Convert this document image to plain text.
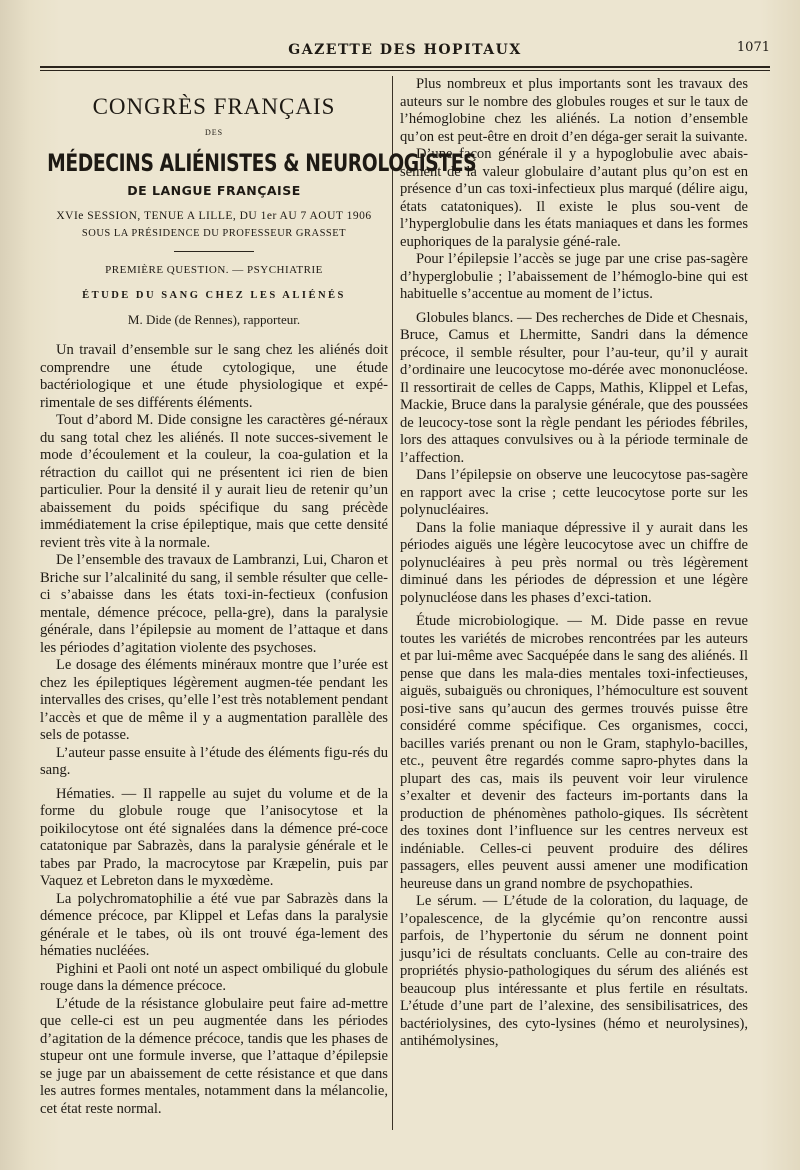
GAZETTE DES HOPITAUX	1071
CONGRÈS FRANÇAIS
DES
MÉDECINS ALIÉNISTES & NEUROLOGISTES
DE LANGUE FRANÇAISE
XVIe SESSION, TENUE A LILLE, DU 1er AU 7 AOUT 1906
SOUS LA PRÉSIDENCE DU PROFESSEUR GRASSET
PREMIÈRE QUESTION. — PSYCHIATRIE
ÉTUDE DU SANG CHEZ LES ALIÉNÉS
M. Dide (de Rennes), rapporteur.

Un travail d’ensemble sur le sang chez les aliénés doit comprendre une étude cytologique, une étude bactériologique et une étude physiologique et expé-rimentale de ses différents éléments.

Tout d’abord M. Dide consigne les caractères gé-néraux du sang total chez les aliénés. Il note succes-sivement le mode d’écoulement et la couleur, la coa-gulation et la rétraction du caillot qui ne présentent ici rien de bien particulier. Pour la densité il y aurait lieu de retenir qu’un abaissement du poids spécifique du sang précède immédiatement la crise épileptique, mais que cette densité revient très vite à la normale.

De l’ensemble des travaux de Lambranzi, Lui, Charon et Briche sur l’alcalinité du sang, il semble résulter que celle-ci s’abaisse dans les états toxi-in-fectieux (confusion mentale, démence précoce, pella-gre), dans la paralysie générale, dans l’épilepsie au moment de l’attaque et dans les périodes d’agitation violente des psychoses.

Le dosage des éléments minéraux montre que l’urée est chez les épileptiques légèrement augmen-tée pendant les intervalles des crises, qu’elle l’est très notablement pendant l’accès et que de même il y a augmentation parallèle des sels de potasse.

L’auteur passe ensuite à l’étude des éléments figu-rés du sang.

Hématies. — Il rappelle au sujet du volume et de la forme du globule rouge que l’anisocytose et la poikilocytose ont été signalées dans la démence pré-coce catatonique par Sabrazès, dans la paralysie générale et le tabes par Prado, la macrocytose par Kræpelin, puis par Vaquez et Lebreton dans le myxœdème.

La polychromatophilie a été vue par Sabrazès dans la démence précoce, par Klippel et Lefas dans la paralysie générale et le tabes, où ils ont trouvé éga-lement des hématies nucléées.

Pighini et Paoli ont noté un aspect ombiliqué du globule rouge dans la démence précoce.

L’étude de la résistance globulaire peut faire ad-mettre que celle-ci est un peu augmentée dans les périodes d’agitation de la démence précoce, tandis que les phases de stupeur ont une formule inverse, que l’attaque d’épilepsie se juge par un abaissement de cette résistance et que dans les autres formes mentales, notamment dans la mélancolie, cet état reste normal.

Plus nombreux et plus importants sont les travaux des auteurs sur le nombre des globules rouges et sur le taux de l’hémoglobine chez les aliénés. La notion d’ensemble qu’on est peut-être en droit d’en déga-ger serait la suivante.

D’une façon générale il y a hypoglobulie avec abais-sement de la valeur globulaire d’autant plus qu’on est en présence d’un cas toxi-infectieux plus marqué (délire aigu, états catatoniques). Il existe le plus sou-vent de l’hyperglobulie dans les états maniaques et dans les formes euphoriques de la paralysie géné-rale.

Pour l’épilepsie l’accès se juge par une crise pas-sagère d’hyperglobulie ; l’abaissement de l’hémoglo-bine qui est habituelle s’accentue au moment de l’ictus.

Globules blancs. — Des recherches de Dide et Chesnais, Bruce, Camus et Lhermitte, Sandri dans la démence précoce, il semble résulter, pour l’au-teur, qu’il y aurait d’ordinaire une leucocytose mo-dérée avec mononucléose. Il ressortirait de celles de Capps, Mathis, Klippel et Lefas, Mackie, Bruce dans la paralysie générale, que des poussées de leucocy-tose sont la règle pendant les périodes fébriles, lors des attaques convulsives ou à la période terminale de l’affection.

Dans l’épilepsie on observe une leucocytose pas-sagère en rapport avec la crise ; cette leucocytose porte sur les polynucléaires.

Dans la folie maniaque dépressive il y aurait dans les périodes aiguës une légère leucocytose avec un chiffre de polynucléaires à peu près normal ou très légèrement diminué dans les périodes de dépression et une légère polynucléose dans les phases d’exci-tation.

Étude microbiologique. — M. Dide passe en revue toutes les variétés de microbes rencontrées par les auteurs et par lui-même avec Sacquépée dans le sang des aliénés. Il pense que dans les mala-dies mentales toxi-infectieuses, aiguës, subaiguës ou chroniques, l’hémoculture est souvent posi-tive sans qu’aucun des germes trouvés puisse être considéré comme spécifique. Ces organismes, cocci, bacilles variés prenant ou non le Gram, staphylo-bacilles, etc., peuvent être regardés comme sapro-phytes dans la plupart des cas, mais ils peuvent voir leur virulence s’exalter et devenir des facteurs im-portants dans la production de phénomènes patholo-giques. Ils sécrètent des toxines dont l’influence sur les centres nerveux est indéniable. Celles-ci peuvent produire des délires passagers, elles peuvent aussi amener une modification heureuse dans un grand nombre de psychopathies.

Le sérum. — L’étude de la coloration, du laquage, de l’opalescence, de la glycémie qu’on rencontre aussi parfois, de l’hypertonie du sérum ne donnent point jusqu’ici de résultats concluants. Celle au con-traire des propriétés physio-pathologiques du sérum des aliénés est beaucoup plus intéressante et plus fertile en résultats. L’étude d’une part de l’alexine, des sensibilisatrices, des bactériolysines, des cyto-lysines (hémo et neurolysines), antihémolysines,
